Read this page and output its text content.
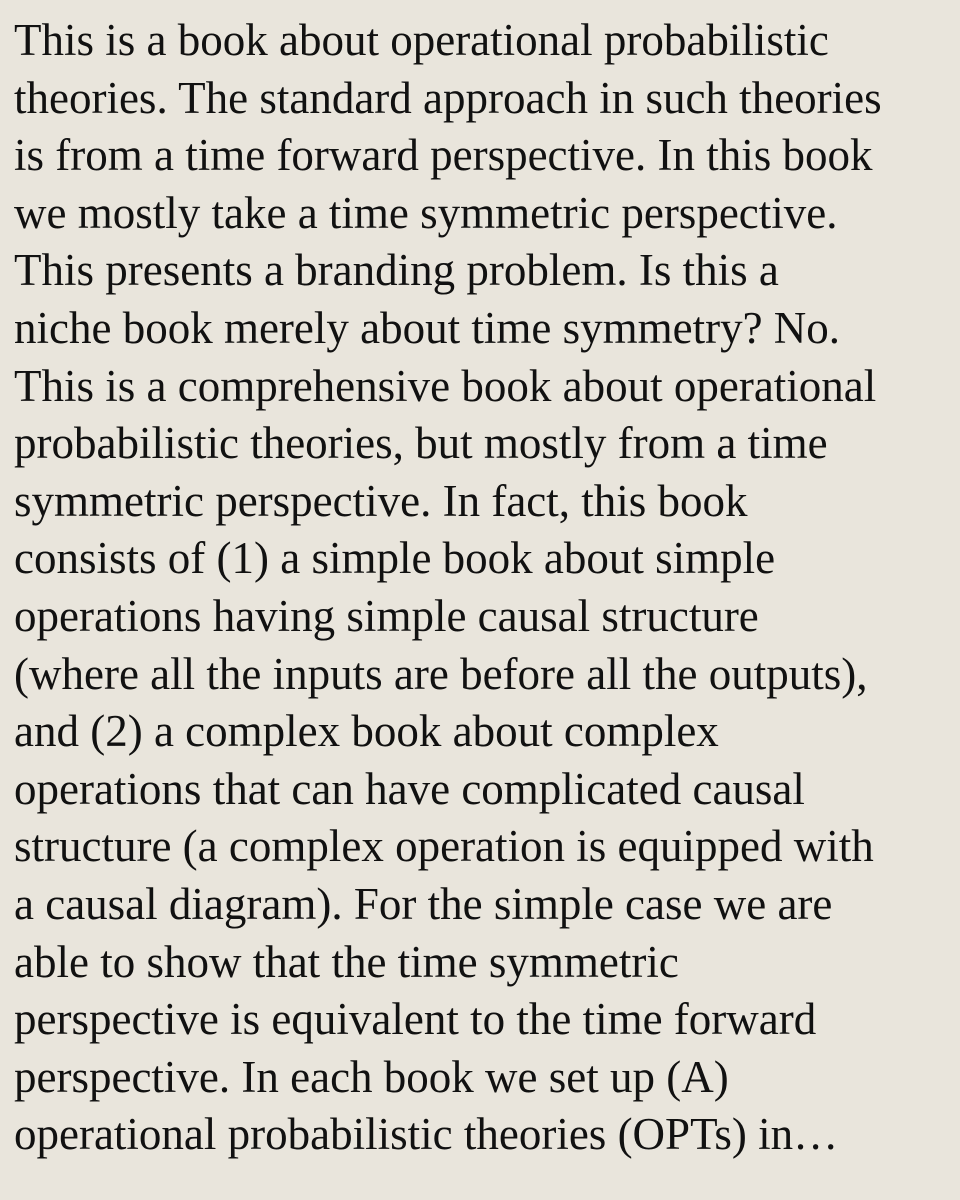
This is a book about operational probabilistic
theories. The standard approach in such theories
is from a time forward perspective. In this book
we mostly take a time symmetric perspective.
This presents a branding problem. Is this a
niche book merely about time symmetry? No.
This is a comprehensive book about operational
probabilistic theories, but mostly from a time
symmetric perspective. In fact, this book
consists of (1) a simple book about simple
operations having simple causal structure
(where all the inputs are before all the outputs),
and (2) a complex book about complex
operations that can have complicated causal
structure (a complex operation is equipped with
a causal diagram). For the simple case we are
able to show that the time symmetric
perspective is equivalent to the time forward
perspective. In each book we set up (A)
operational probabilistic theories (OPTs) in…
